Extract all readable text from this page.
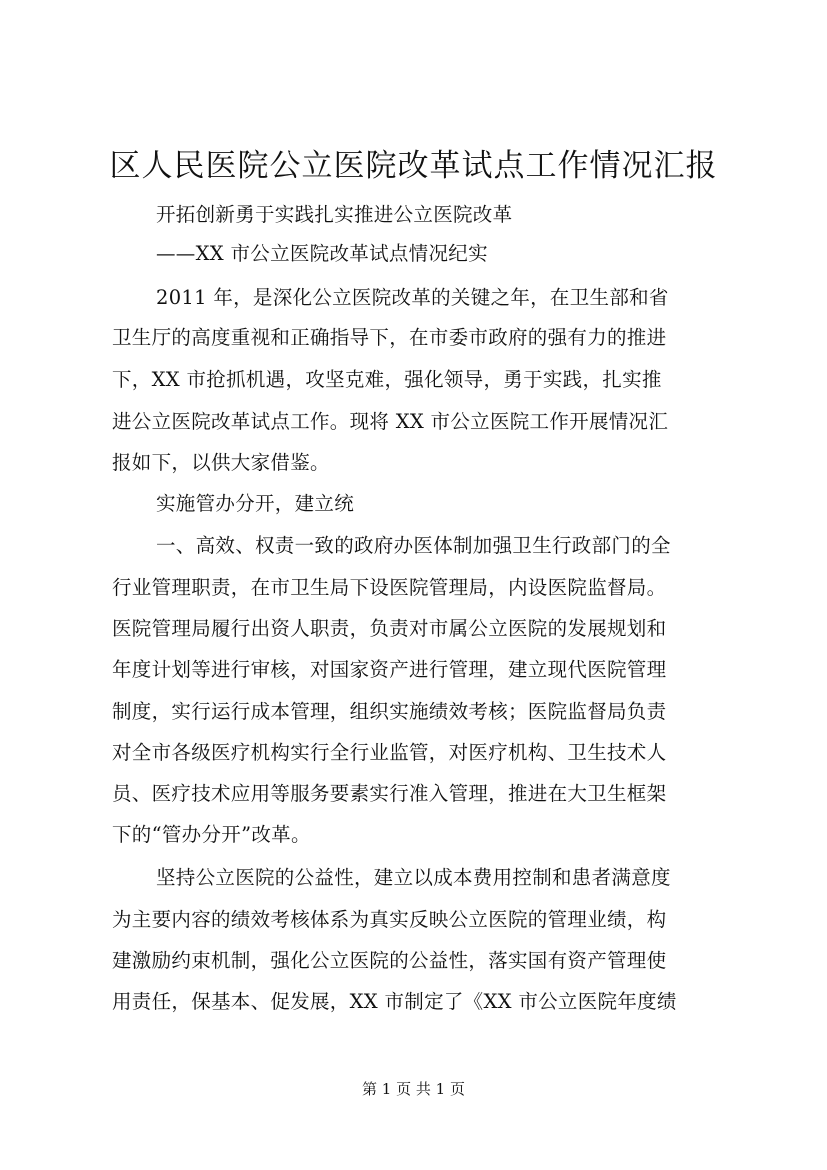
区人民医院公立医院改革试点工作情况汇报
开拓创新勇于实践扎实推进公立医院改革
——XX 市公立医院改革试点情况纪实
2011 年，是深化公立医院改革的关键之年，在卫生部和省
卫生厅的高度重视和正确指导下，在市委市政府的强有力的推进
下，XX 市抢抓机遇，攻坚克难，强化领导，勇于实践，扎实推
进公立医院改革试点工作。现将 XX 市公立医院工作开展情况汇
报如下，以供大家借鉴。
实施管办分开，建立统
一、高效、权责一致的政府办医体制加强卫生行政部门的全
行业管理职责，在市卫生局下设医院管理局，内设医院监督局。
医院管理局履行出资人职责，负责对市属公立医院的发展规划和
年度计划等进行审核，对国家资产进行管理，建立现代医院管理
制度，实行运行成本管理，组织实施绩效考核；医院监督局负责
对全市各级医疗机构实行全行业监管，对医疗机构、卫生技术人
员、医疗技术应用等服务要素实行准入管理，推进在大卫生框架
下的“管办分开”改革。
坚持公立医院的公益性，建立以成本费用控制和患者满意度
为主要内容的绩效考核体系为真实反映公立医院的管理业绩，构
建激励约束机制，强化公立医院的公益性，落实国有资产管理使
用责任，保基本、促发展，XX 市制定了《XX 市公立医院年度绩
第 1 页 共 1 页
